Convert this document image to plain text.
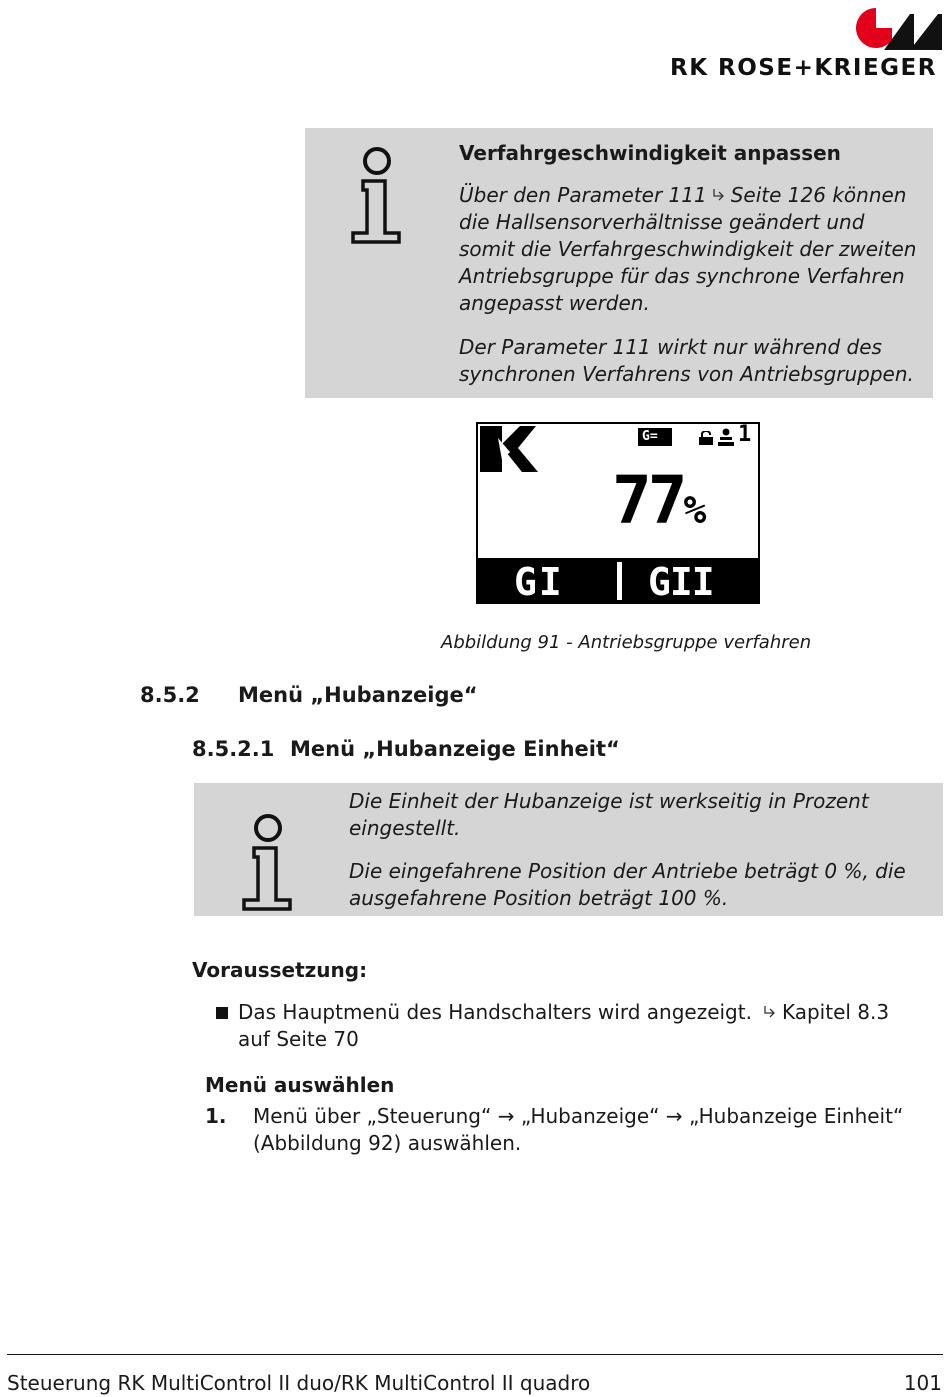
RK ROSE+KRIEGER
Verfahrgeschwindigkeit anpassen
Über den Parameter 111 Seite 126 können
die Hallsensorverhältnisse geändert und
somit die Verfahrgeschwindigkeit der zweiten
Antriebsgruppe für das synchrone Verfahren
angepasst werden.
Der Parameter 111 wirkt nur während des
synchronen Verfahrens von Antriebsgruppen.
G=	1
77%
GI GII
Abbildung 91 - Antriebsgruppe verfahren
8.5.2 Menü „Hubanzeige“
8.5.2.1 Menü „Hubanzeige Einheit“
Die Einheit der Hubanzeige ist werkseitig in Prozent
eingestellt.
Die eingefahrene Position der Antriebe beträgt 0 %, die
ausgefahrene Position beträgt 100 %.
Voraussetzung:
Das Hauptmenü des Handschalters wird angezeigt. Kapitel 8.3
auf Seite 70
Menü auswählen
1. Menü über „Steuerung“ → „Hubanzeige“ → „Hubanzeige Einheit“
(Abbildung 92) auswählen.
Steuerung RK MultiControl II duo/RK MultiControl II quadro	101
